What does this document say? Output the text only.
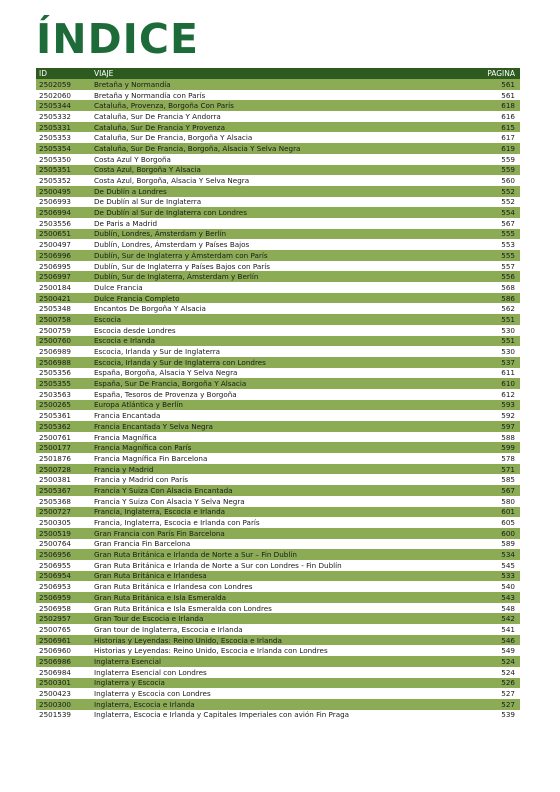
ÍNDICE
ID	VIAJE	PAGINA
2502059	Bretaña y Normandía	561
2502060	Bretaña y Normandía con París	561
2505344	Cataluña, Provenza, Borgoña Con París	618
2505332	Cataluña, Sur De Francia Y Andorra	616
2505331	Cataluña, Sur De Francia Y Provenza	615
2505353	Cataluña, Sur De Francia, Borgoña Y Alsacia	617
2505354	Cataluña, Sur De Francia, Borgoña, Alsacia Y Selva Negra	619
2505350	Costa Azul Y Borgoña	559
2505351	Costa Azul, Borgoña Y Alsacia	559
2505352	Costa Azul, Borgoña, Alsacia Y Selva Negra	560
2500495	De Dublín a Londres	552
2506993	De Dublín al Sur de Inglaterra	552
2506994	De Dublín al Sur de Inglaterra con Londres	554
2503556	De Paris a Madrid	567
2500651	Dublín, Londres, Ámsterdam y Berlín	555
2500497	Dublín, Londres, Ámsterdam y Países Bajos	553
2506996	Dublín, Sur de Inglaterra y Ámsterdam con París	555
2506995	Dublín, Sur de Inglaterra y Países Bajos con París	557
2506997	Dublín, Sur de Inglaterra, Ámsterdam y Berlín	556
2500184	Dulce Francia	568
2500421	Dulce Francia Completo	586
2505348	Encantos De Borgoña Y Alsacia	562
2500758	Escocia	551
2500759	Escocia desde Londres	530
2500760	Escocia e Irlanda	551
2506989	Escocia, Irlanda y Sur de Inglaterra	530
2506988	Escocia, Irlanda y Sur de Inglaterra con Londres	537
2505356	España, Borgoña, Alsacia Y Selva Negra	611
2505355	España, Sur De Francia, Borgoña Y Alsacia	610
2503563	España, Tesoros de Provenza y Borgoña	612
2500265	Europa Atlántica y Berlín	593
2505361	Francia Encantada	592
2505362	Francia Encantada Y Selva Negra	597
2500761	Francia Magnífica	588
2500177	Francia Magnífica con París	599
2501876	Francia Magnífica Fin Barcelona	578
2500728	Francia y Madrid	571
2500381	Francia y Madrid con París	585
2505367	Francia Y Suiza Con Alsacia Encantada	567
2505368	Francia Y Suiza Con Alsacia Y Selva Negra	580
2500727	Francia, Inglaterra, Escocia e Irlanda	601
2500305	Francia, Inglaterra, Escocia e Irlanda con París	605
2500519	Gran Francia con París Fin Barcelona	600
2500764	Gran Francia Fin Barcelona	589
2506956	Gran Ruta Británica e Irlanda de Norte a Sur – Fin Dublín	534
2506955	Gran Ruta Británica e Irlanda de Norte a Sur con Londres - Fin Dublín	545
2506954	Gran Ruta Británica e Irlandesa	533
2506953	Gran Ruta Británica e Irlandesa con Londres	540
2506959	Gran Ruta Británica e Isla Esmeralda	543
2506958	Gran Ruta Británica e Isla Esmeralda con Londres	548
2502957	Gran Tour de Escocia e Irlanda	542
2500765	Gran tour de Inglaterra, Escocia e Irlanda	541
2506961	Historias y Leyendas: Reino Unido, Escocia e Irlanda	546
2506960	Historias y Leyendas: Reino Unido, Escocia e Irlanda con Londres	549
2506986	Inglaterra Esencial	524
2506984	Inglaterra Esencial con Londres	524
2500301	Inglaterra y Escocia	526
2500423	Inglaterra y Escocia con Londres	527
2500300	Inglaterra, Escocia e Irlanda	527
2501539	Inglaterra, Escocia e Irlanda y Capitales Imperiales con avión Fin Praga	539
